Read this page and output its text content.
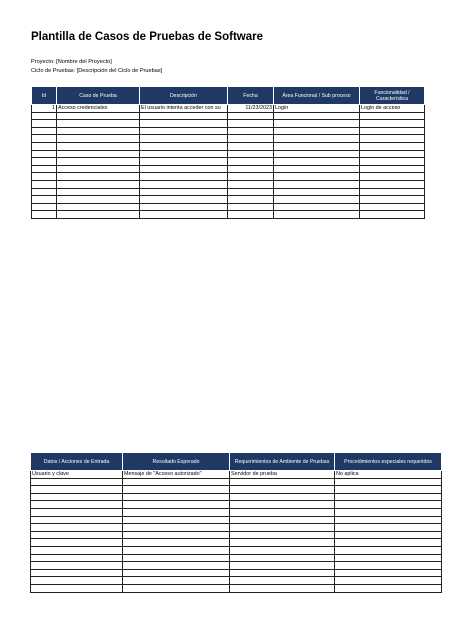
Plantilla de Casos de Pruebas de Software
Proyecto: [Nombre del Proyecto]
Ciclo de Pruebas: [Descripción del Ciclo de Pruebas]
Id	Caso de Prueba	Descripción	Fecha	Área Funcional / Sub proceso	Funcionalidad / Característica
1	Acceso credenciales	El usuario intenta acceder con su	11/23/2023	Login	Login de acceso

Datos / Acciones de Entrada	Resultado Esperado	Requerimientos de Ambiente de Pruebas	Procedimientos especiales requeridos
Usuario y clave	Mensaje de "Acceso autorizado"	Servidor de prueba	No aplica
